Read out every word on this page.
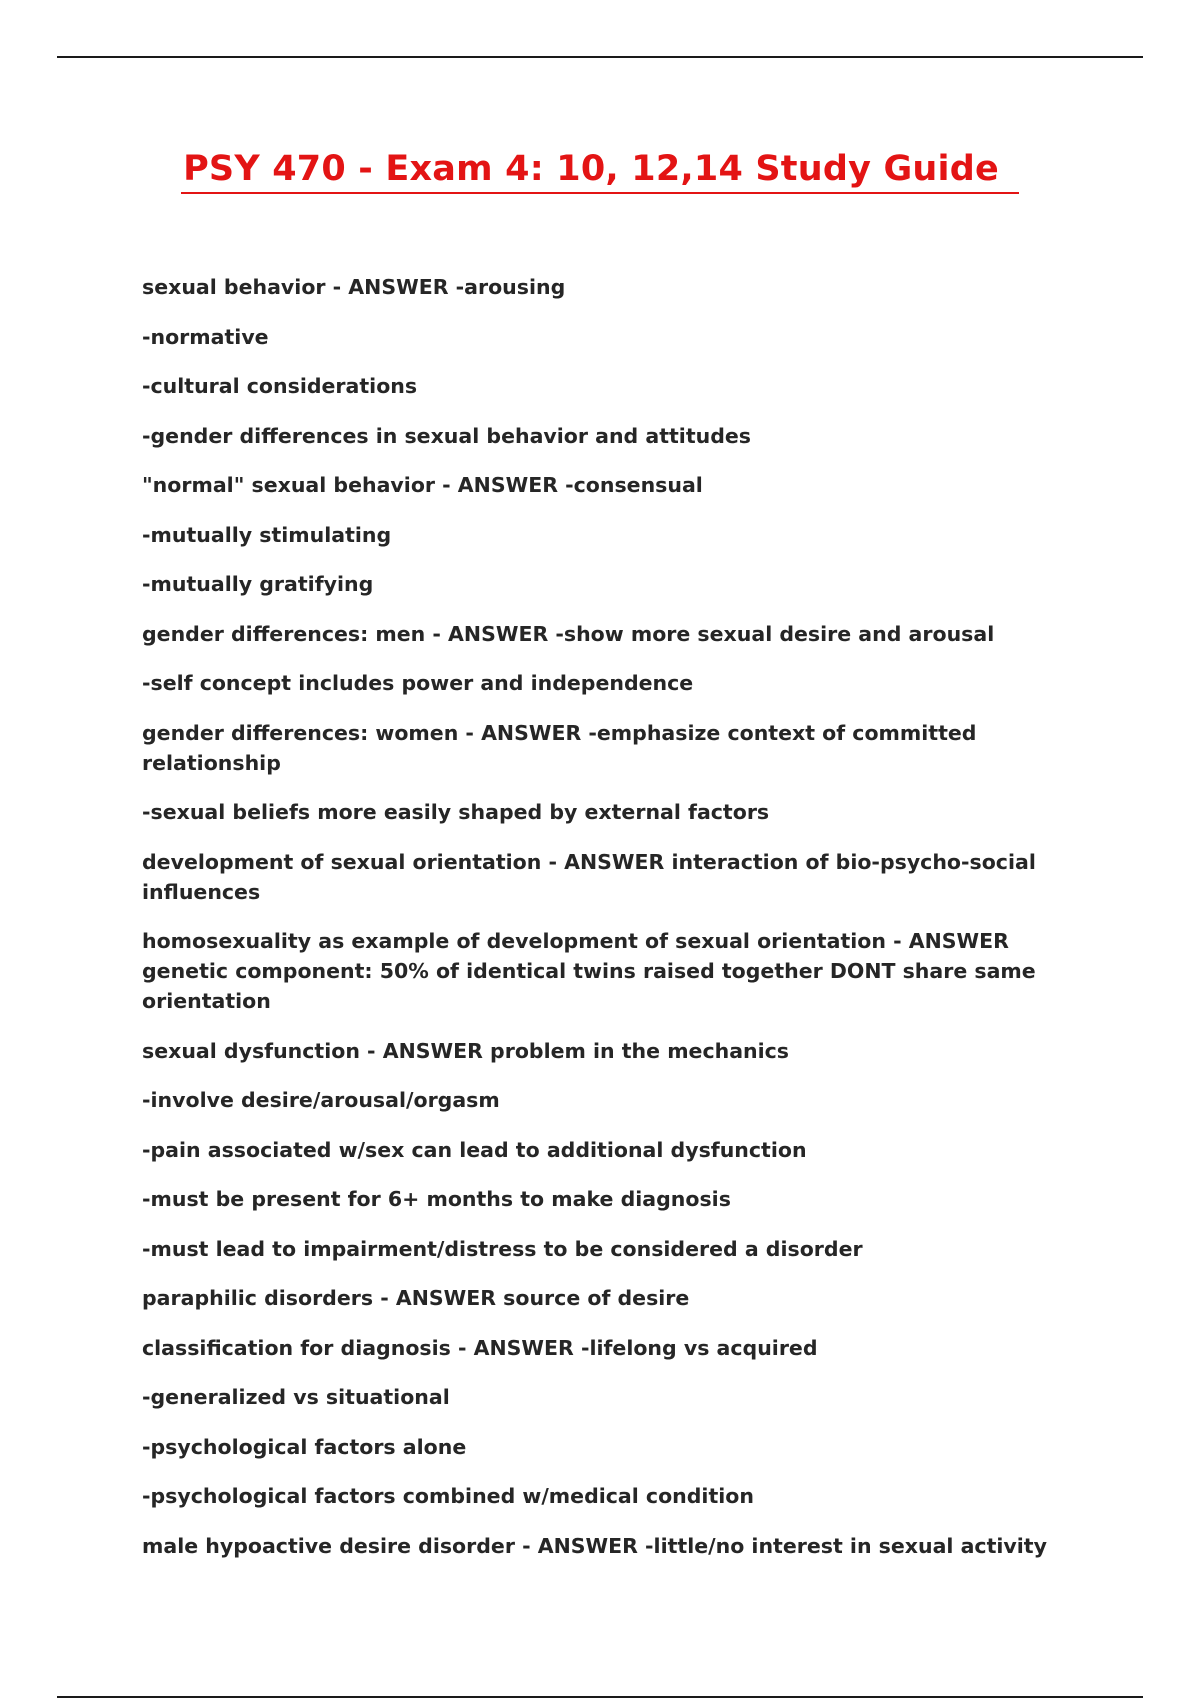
PSY 470 - Exam 4: 10, 12,14 Study Guide
sexual behavior - ANSWER -arousing
-normative
-cultural considerations
-gender differences in sexual behavior and attitudes
"normal" sexual behavior - ANSWER -consensual
-mutually stimulating
-mutually gratifying
gender differences: men - ANSWER -show more sexual desire and arousal
-self concept includes power and independence
gender differences: women - ANSWER -emphasize context of committed relationship
-sexual beliefs more easily shaped by external factors
development of sexual orientation - ANSWER interaction of bio-psycho-social influences
homosexuality as example of development of sexual orientation - ANSWER genetic component: 50% of identical twins raised together DONT share same orientation
sexual dysfunction - ANSWER problem in the mechanics
-involve desire/arousal/orgasm
-pain associated w/sex can lead to additional dysfunction
-must be present for 6+ months to make diagnosis
-must lead to impairment/distress to be considered a disorder
paraphilic disorders - ANSWER source of desire
classification for diagnosis - ANSWER -lifelong vs acquired
-generalized vs situational
-psychological factors alone
-psychological factors combined w/medical condition
male hypoactive desire disorder - ANSWER -little/no interest in sexual activity
